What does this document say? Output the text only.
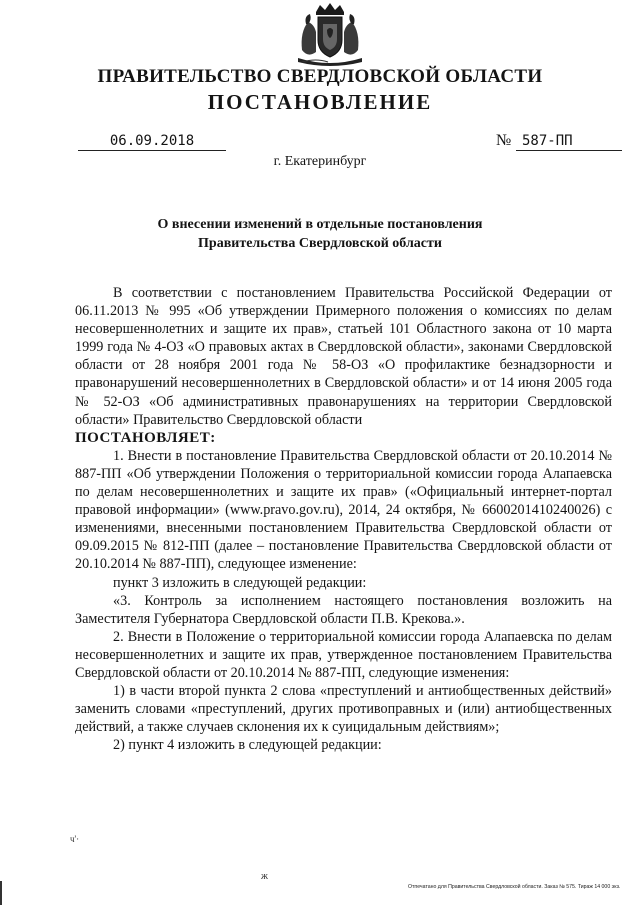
ПРАВИТЕЛЬСТВО СВЕРДЛОВСКОЙ ОБЛАСТИ
ПОСТАНОВЛЕНИЕ
06.09.2018	№ 587-ПП
г. Екатеринбург
О внесении изменений в отдельные постановления
Правительства Свердловской области

В соответствии с постановлением Правительства Российской Федерации от 06.11.2013 № 995 «Об утверждении Примерного положения о комиссиях по делам несовершеннолетних и защите их прав», статьей 101 Областного закона от 10 марта 1999 года № 4-ОЗ «О правовых актах в Свердловской области», законами Свердловской области от 28 ноября 2001 года № 58-ОЗ «О профилактике безнадзорности и правонарушений несовершеннолетних в Свердловской области» и от 14 июня 2005 года № 52-ОЗ «Об административных правонарушениях на территории Свердловской области» Правительство Свердловской области

ПОСТАНОВЛЯЕТ:

1. Внести в постановление Правительства Свердловской области от 20.10.2014 № 887-ПП «Об утверждении Положения о территориальной комиссии города Алапаевска по делам несовершеннолетних и защите их прав» («Официальный интернет-портал правовой информации» (www.pravo.gov.ru), 2014, 24 октября, № 6600201410240026) с изменениями, внесенными постановлением Правительства Свердловской области от 09.09.2015 № 812-ПП (далее – постановление Правительства Свердловской области от 20.10.2014 № 887-ПП), следующее изменение:

пункт 3 изложить в следующей редакции:

«3. Контроль за исполнением настоящего постановления возложить на Заместителя Губернатора Свердловской области П.В. Крекова.».

2. Внести в Положение о территориальной комиссии города Алапаевска по делам несовершеннолетних и защите их прав, утвержденное постановлением Правительства Свердловской области от 20.10.2014 № 887-ПП, следующие изменения:

1) в части второй пункта 2 слова «преступлений и антиобщественных действий» заменить словами «преступлений, других противоправных и (или) антиобщественных действий, а также случаев склонения их к суицидальным действиям»;

2) пункт 4 изложить в следующей редакции:

ч'·
ж
Отпечатано для Правительства Свердловской области. Заказ № 575. Тираж 14 000 экз.
